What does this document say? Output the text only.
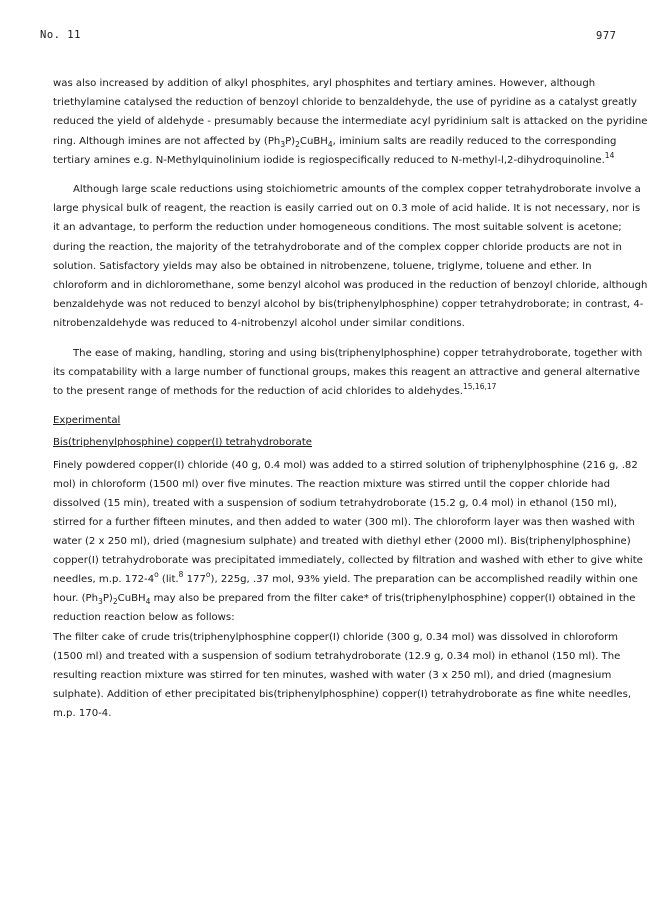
No. 11	977

was also increased by addition of alkyl phosphites, aryl phosphites and tertiary amines. However, although triethylamine catalysed the reduction of benzoyl chloride to benzaldehyde, the use of pyridine as a catalyst greatly reduced the yield of aldehyde - presumably because the intermediate acyl pyridinium salt is attacked on the pyridine ring. Although imines are not affected by $(Ph_3P)_2CuBH_4$, iminium salts are readily reduced to the corresponding tertiary amines e.g. N-Methylquinolinium iodide is regiospecifically reduced to N-methyl-l,2-dihydroquinoline.$^{14}$

Although large scale reductions using stoichiometric amounts of the complex copper tetrahydroborate involve a large physical bulk of reagent, the reaction is easily carried out on 0.3 mole of acid halide. It is not necessary, nor is it an advantage, to perform the reduction under homogeneous conditions. The most suitable solvent is acetone; during the reaction, the majority of the tetrahydroborate and of the complex copper chloride products are not in solution. Satisfactory yields may also be obtained in nitrobenzene, toluene, triglyme, toluene and ether. In chloroform and in dichloromethane, some benzyl alcohol was produced in the reduction of benzoyl chloride, although benzaldehyde was not reduced to benzyl alcohol by bis(triphenylphosphine) copper tetrahydroborate; in contrast, 4-nitrobenzaldehyde was reduced to 4-nitrobenzyl alcohol under similar conditions.

The ease of making, handling, storing and using bis(triphenylphosphine) copper tetrahydroborate, together with its compatability with a large number of functional groups, makes this reagent an attractive and general alternative to the present range of methods for the reduction of acid chlorides to aldehydes.$^{15,16,17}$

Experimental

Bis(triphenylphosphine) copper(I) tetrahydroborate

Finely powdered copper(I) chloride (40 g, 0.4 mol) was added to a stirred solution of triphenylphosphine (216 g, .82 mol) in chloroform (1500 ml) over five minutes. The reaction mixture was stirred until the copper chloride had dissolved (15 min), treated with a suspension of sodium tetrahydroborate (15.2 g, 0.4 mol) in ethanol (150 ml), stirred for a further fifteen minutes, and then added to water (300 ml). The chloroform layer was then washed with water (2 x 250 ml), dried (magnesium sulphate) and treated with diethyl ether (2000 ml). Bis(triphenylphosphine) copper(I) tetrahydroborate was precipitated immediately, collected by filtration and washed with ether to give white needles, m.p. 172-4$^o$ (lit.$^8$ 177$^o$), 225g, .37 mol, 93% yield. The preparation can be accomplished readily within one hour. $(Ph_3P)_2CuBH_4$ may also be prepared from the filter cake* of tris(triphenylphosphine) copper(I) obtained in the reduction reaction below as follows:

The filter cake of crude tris(triphenylphosphine copper(I) chloride (300 g, 0.34 mol) was dissolved in chloroform (1500 ml) and treated with a suspension of sodium tetrahydroborate (12.9 g, 0.34 mol) in ethanol (150 ml). The resulting reaction mixture was stirred for ten minutes, washed with water (3 x 250 ml), and dried (magnesium sulphate). Addition of ether precipitated bis(triphenylphosphine) copper(I) tetrahydroborate as fine white needles, m.p. 170-4.
